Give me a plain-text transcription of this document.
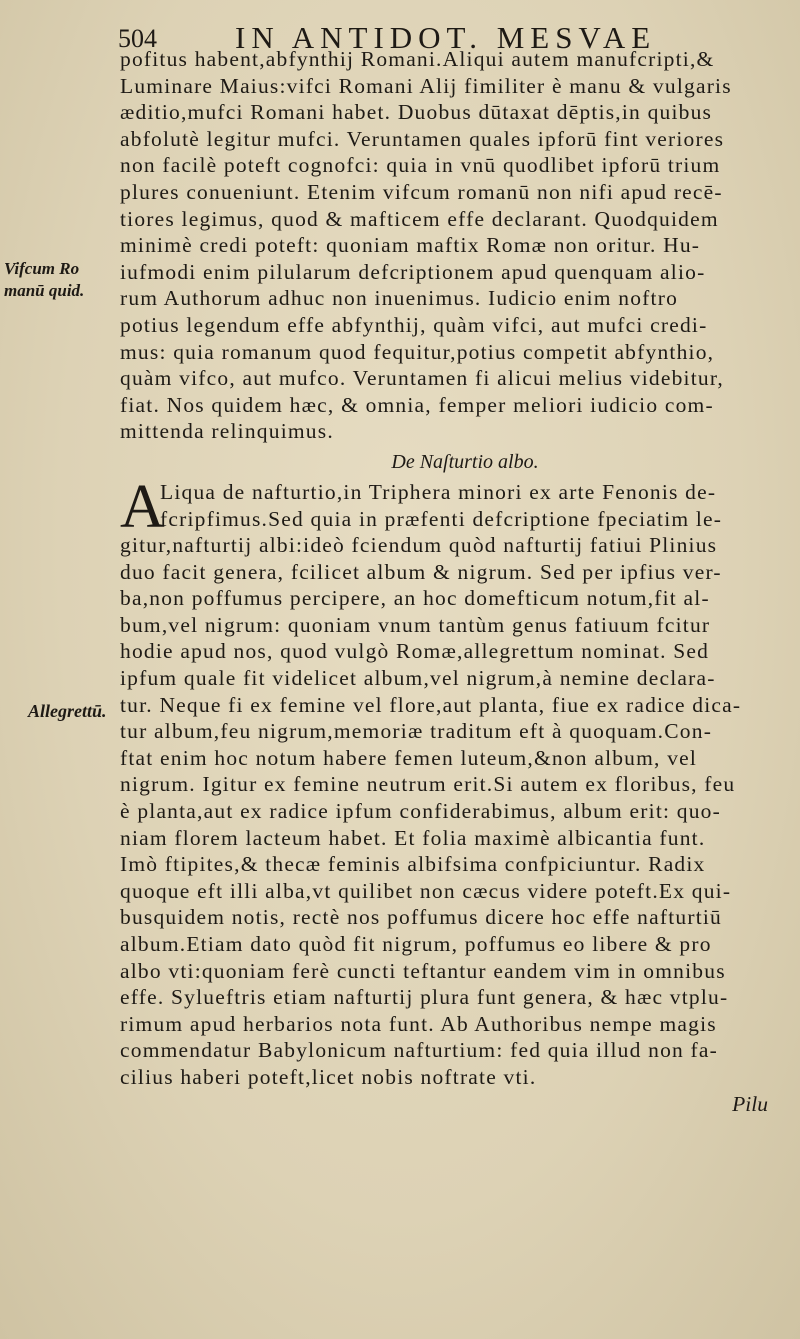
504	IN ANTIDOT. MESVAE
Vifcum Ro
manū quid.
Allegrettū.
pofitus habent,abfynthij Romani.Aliqui autem manufcripti,&
Luminare Maius:vifci Romani Alij fimiliter è manu & vulgaris
æditio,mufci Romani habet. Duobus dūtaxat dēptis,in quibus
abfolutè legitur mufci. Veruntamen quales ipforū fint veriores
non facilè poteft cognofci: quia in vnū quodlibet ipforū trium
plures conueniunt. Etenim vifcum romanū non nifi apud recē-
tiores legimus, quod & mafticem effe declarant. Quodquidem
minimè credi poteft: quoniam maftix Romæ non oritur. Hu-
iufmodi enim pilularum defcriptionem apud quenquam alio-
rum Authorum adhuc non inuenimus. Iudicio enim noftro
potius legendum effe abfynthij, quàm vifci, aut mufci credi-
mus: quia romanum quod fequitur,potius competit abfynthio,
quàm vifco, aut mufco. Veruntamen fi alicui melius videbitur,
fiat. Nos quidem hæc, & omnia, femper meliori iudicio com-
mittenda relinquimus.
De Naſturtio albo.
A
Liqua de nafturtio,in Triphera minori ex arte Fenonis de-
fcripfimus.Sed quia in præfenti defcriptione fpeciatim le-
gitur,nafturtij albi:ideò fciendum quòd nafturtij fatiui Plinius
duo facit genera, fcilicet album & nigrum. Sed per ipfius ver-
ba,non poffumus percipere, an hoc domefticum notum,fit al-
bum,vel nigrum: quoniam vnum tantùm genus fatiuum fcitur
hodie apud nos, quod vulgò Romæ,allegrettum nominat. Sed
ipfum quale fit videlicet album,vel nigrum,à nemine declara-
tur. Neque fi ex femine vel flore,aut planta, fiue ex radice dica-
tur album,feu nigrum,memoriæ traditum eft à quoquam.Con-
ftat enim hoc notum habere femen luteum,&non album, vel
nigrum. Igitur ex femine neutrum erit.Si autem ex floribus, feu
è planta,aut ex radice ipfum confiderabimus, album erit: quo-
niam florem lacteum habet. Et folia maximè albicantia funt.
Imò ftipites,& thecæ feminis albifsima confpiciuntur. Radix
quoque eft illi alba,vt quilibet non cæcus videre poteft.Ex qui-
busquidem notis, rectè nos poffumus dicere hoc effe nafturtiū
album.Etiam dato quòd fit nigrum, poffumus eo libere & pro
albo vti:quoniam ferè cuncti teftantur eandem vim in omnibus
effe. Sylueftris etiam nafturtij plura funt genera, & hæc vtplu-
rimum apud herbarios nota funt. Ab Authoribus nempe magis
commendatur Babylonicum nafturtium: fed quia illud non fa-
cilius haberi poteft,licet nobis noftrate vti.
Pilu
